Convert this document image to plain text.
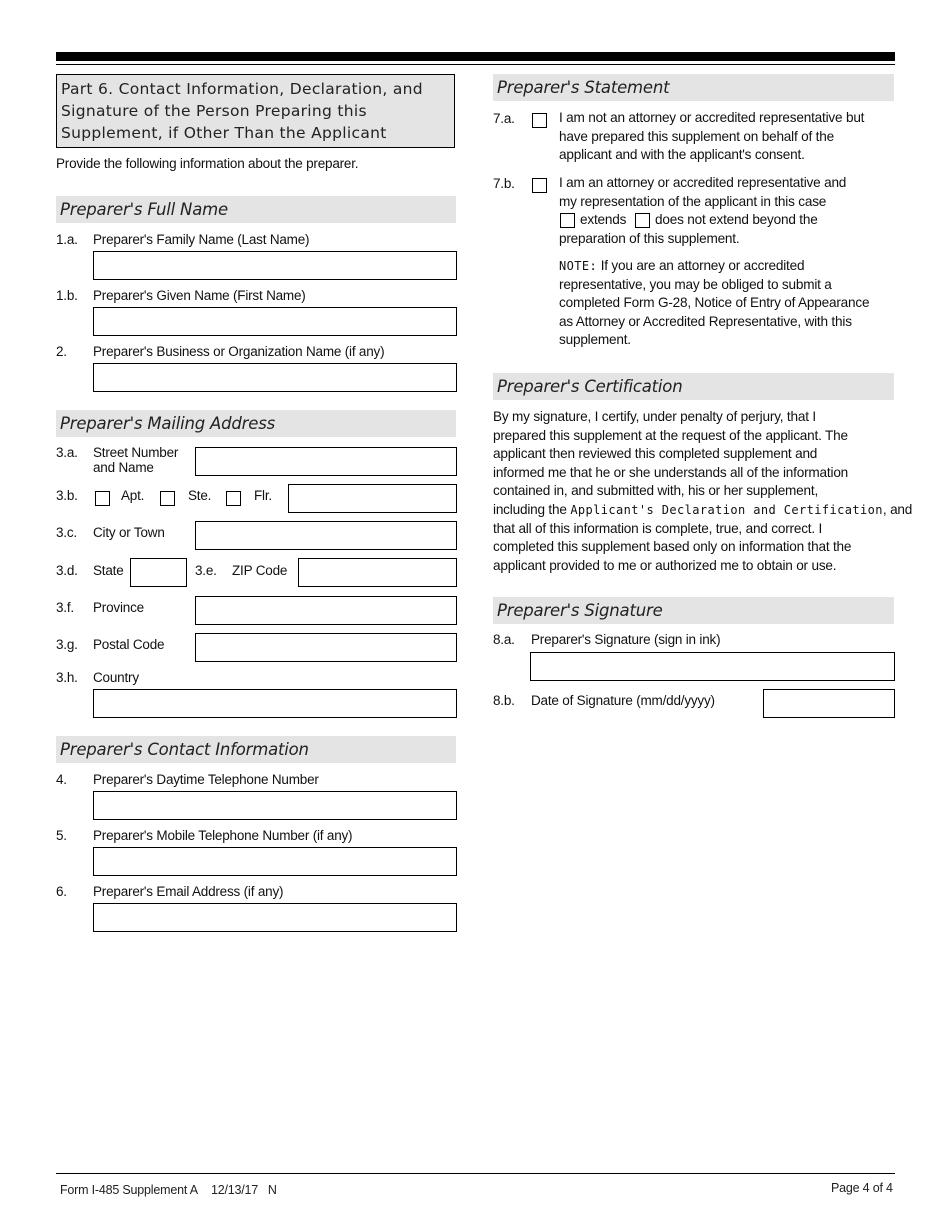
Part 6. Contact Information, Declaration, and
Signature of the Person Preparing this
Supplement, if Other Than the Applicant
Provide the following information about the preparer.
Preparer's Full Name
1.a. Preparer's Family Name (Last Name)
1.b. Preparer's Given Name (First Name)
2. Preparer's Business or Organization Name (if any)
Preparer's Mailing Address
3.a. Street Number
and Name
3.b.	Apt.	Ste.	Flr.
3.c. City or Town
3.d. State	3.e. ZIP Code
3.f. Province
3.g. Postal Code
3.h. Country
Preparer's Contact Information
4. Preparer's Daytime Telephone Number
5. Preparer's Mobile Telephone Number (if any)
6. Preparer's Email Address (if any)
Preparer's Statement
7.a.	I am not an attorney or accredited representative but
have prepared this supplement on behalf of the
applicant and with the applicant's consent.
7.b.	I am an attorney or accredited representative and
my representation of the applicant in this case
extends does not extend beyond the
preparation of this supplement.
NOTE: If you are an attorney or accredited
representative, you may be obliged to submit a
completed Form G-28, Notice of Entry of Appearance
as Attorney or Accredited Representative, with this
supplement.
Preparer's Certification
By my signature, I certify, under penalty of perjury, that I
prepared this supplement at the request of the applicant. The
applicant then reviewed this completed supplement and
informed me that he or she understands all of the information
contained in, and submitted with, his or her supplement,
including the Applicant's Declaration and Certification, and
that all of this information is complete, true, and correct. I
completed this supplement based only on information that the
applicant provided to me or authorized me to obtain or use.
Preparer's Signature
8.a. Preparer's Signature (sign in ink)
8.b. Date of Signature (mm/dd/yyyy)
Form I-485 Supplement A 12/13/17 N	Page 4 of 4
